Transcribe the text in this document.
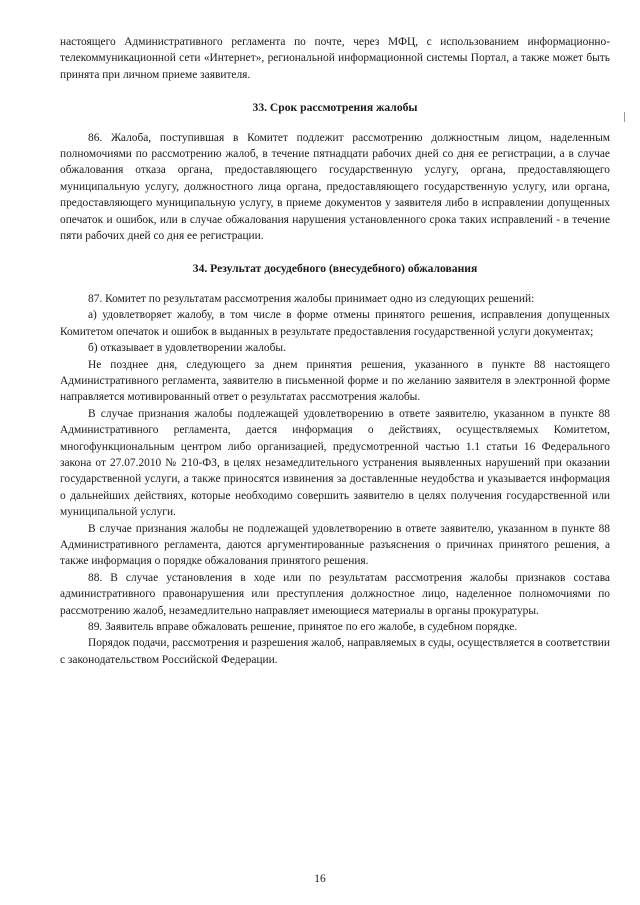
настоящего Административного регламента по почте, через МФЦ, с использованием информационно-телекоммуникационной сети «Интернет», региональной информационной системы Портал, а также может быть принята при личном приеме заявителя.

33. Срок рассмотрения жалобы

86. Жалоба, поступившая в Комитет подлежит рассмотрению должностным лицом, наделенным полномочиями по рассмотрению жалоб, в течение пятнадцати рабочих дней со дня ее регистрации, а в случае обжалования отказа органа, предоставляющего государственную услугу, органа, предоставляющего муниципальную услугу, должностного лица органа, предоставляющего государственную услугу, или органа, предоставляющего муниципальную услугу, в приеме документов у заявителя либо в исправлении допущенных опечаток и ошибок, или в случае обжалования нарушения установленного срока таких исправлений - в течение пяти рабочих дней со дня ее регистрации.

34. Результат досудебного (внесудебного) обжалования

87. Комитет по результатам рассмотрения жалобы принимает одно из следующих решений:

а) удовлетворяет жалобу, в том числе в форме отмены принятого решения, исправления допущенных Комитетом опечаток и ошибок в выданных в результате предоставления государственной услуги документах;

б) отказывает в удовлетворении жалобы.

Не позднее дня, следующего за днем принятия решения, указанного в пункте 88 настоящего Административного регламента, заявителю в письменной форме и по желанию заявителя в электронной форме направляется мотивированный ответ о результатах рассмотрения жалобы.

В случае признания жалобы подлежащей удовлетворению в ответе заявителю, указанном в пункте 88 Административного регламента, дается информация о действиях, осуществляемых Комитетом, многофункциональным центром либо организацией, предусмотренной частью 1.1 статьи 16 Федерального закона от 27.07.2010 № 210-ФЗ, в целях незамедлительного устранения выявленных нарушений при оказании государственной услуги, а также приносятся извинения за доставленные неудобства и указывается информация о дальнейших действиях, которые необходимо совершить заявителю в целях получения государственной или муниципальной услуги.

В случае признания жалобы не подлежащей удовлетворению в ответе заявителю, указанном в пункте 88 Административного регламента, даются аргументированные разъяснения о причинах принятого решения, а также информация о порядке обжалования принятого решения.

88. В случае установления в ходе или по результатам рассмотрения жалобы признаков состава административного правонарушения или преступления должностное лицо, наделенное полномочиями по рассмотрению жалоб, незамедлительно направляет имеющиеся материалы в органы прокуратуры.

89. Заявитель вправе обжаловать решение, принятое по его жалобе, в судебном порядке.

Порядок подачи, рассмотрения и разрешения жалоб, направляемых в суды, осуществляется в соответствии с законодательством Российской Федерации.

16
